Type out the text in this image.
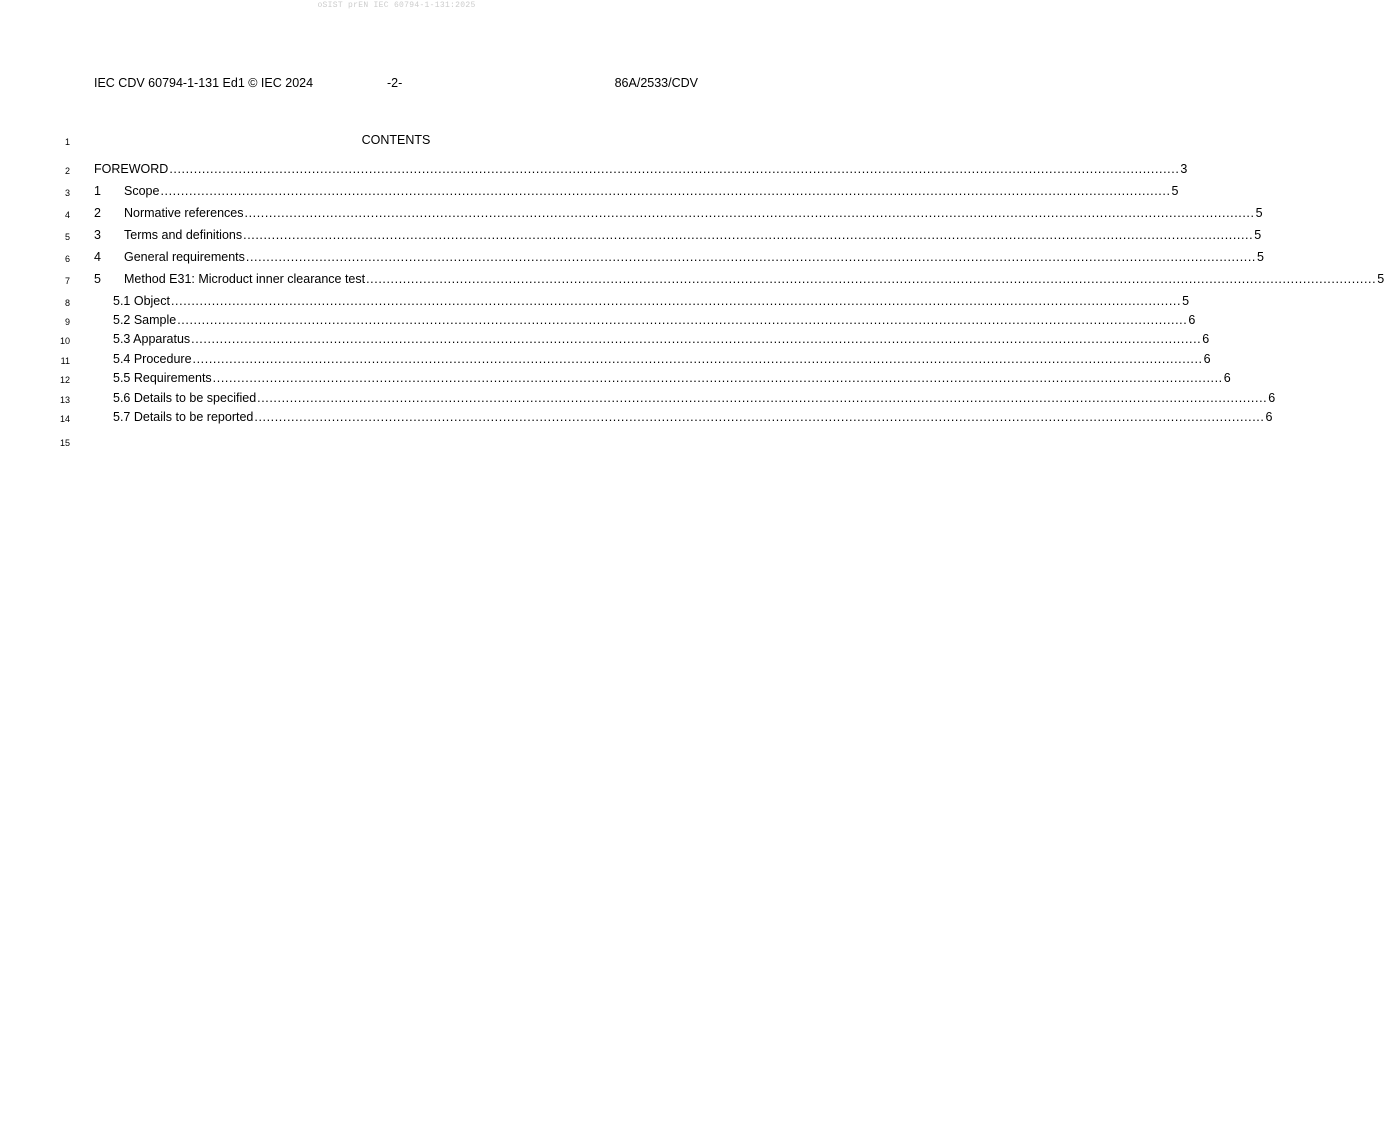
oSIST prEN IEC 60794-1-131:2025
IEC CDV 60794-1-131 Ed1 © IEC 2024	-2-	86A/2533/CDV
1
2
3
4
5
6
7
8
9
10
11
12
13
14
15
CONTENTS
FOREWORD ........................................................................................................................................................................................................................................................ 3
1	Scope ........................................................................................................................................................................................................................................................ 5
2	Normative references ........................................................................................................................................................................................................................................................ 5
3	Terms and definitions ........................................................................................................................................................................................................................................................ 5
4	General requirements ........................................................................................................................................................................................................................................................ 5
5	Method E31: Microduct inner clearance test ........................................................................................................................................................................................................................................................ 5
5.1 Object ........................................................................................................................................................................................................................................................ 5
5.2 Sample ........................................................................................................................................................................................................................................................ 6
5.3 Apparatus ........................................................................................................................................................................................................................................................ 6
5.4 Procedure ........................................................................................................................................................................................................................................................ 6
5.5 Requirements ........................................................................................................................................................................................................................................................ 6
5.6 Details to be specified ........................................................................................................................................................................................................................................................ 6
5.7 Details to be reported ........................................................................................................................................................................................................................................................ 6
